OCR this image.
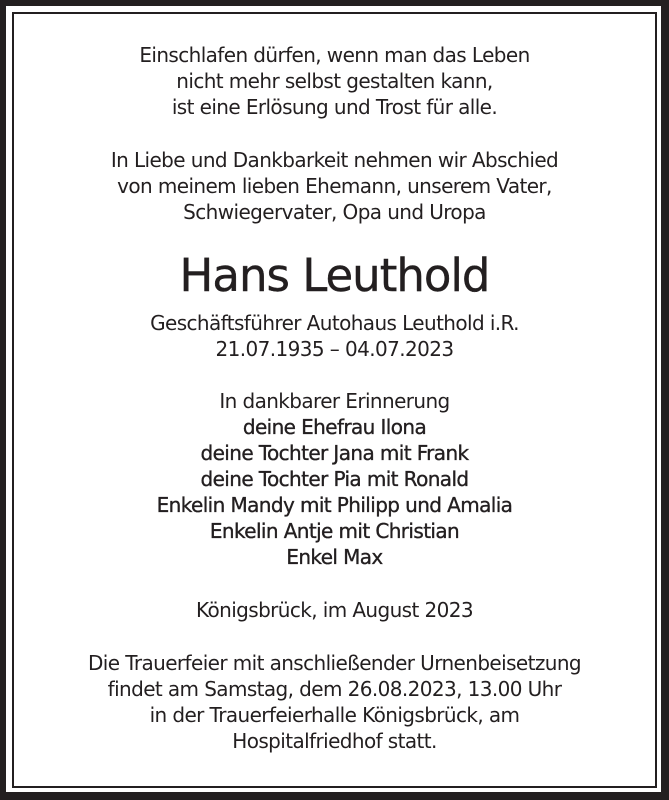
Einschlafen dürfen, wenn man das Leben
nicht mehr selbst gestalten kann,
ist eine Erlösung und Trost für alle.
In Liebe und Dankbarkeit nehmen wir Abschied
von meinem lieben Ehemann, unserem Vater,
Schwiegervater, Opa und Uropa
Hans Leuthold
Geschäftsführer Autohaus Leuthold i.R.
21.07.1935 – 04.07.2023
In dankbarer Erinnerung
deine Ehefrau Ilona
deine Tochter Jana mit Frank
deine Tochter Pia mit Ronald
Enkelin Mandy mit Philipp und Amalia
Enkelin Antje mit Christian
Enkel Max
Königsbrück, im August 2023
Die Trauerfeier mit anschließender Urnenbeisetzung
findet am Samstag, dem 26.08.2023, 13.00 Uhr
in der Trauerfeierhalle Königsbrück, am
Hospitalfriedhof statt.
